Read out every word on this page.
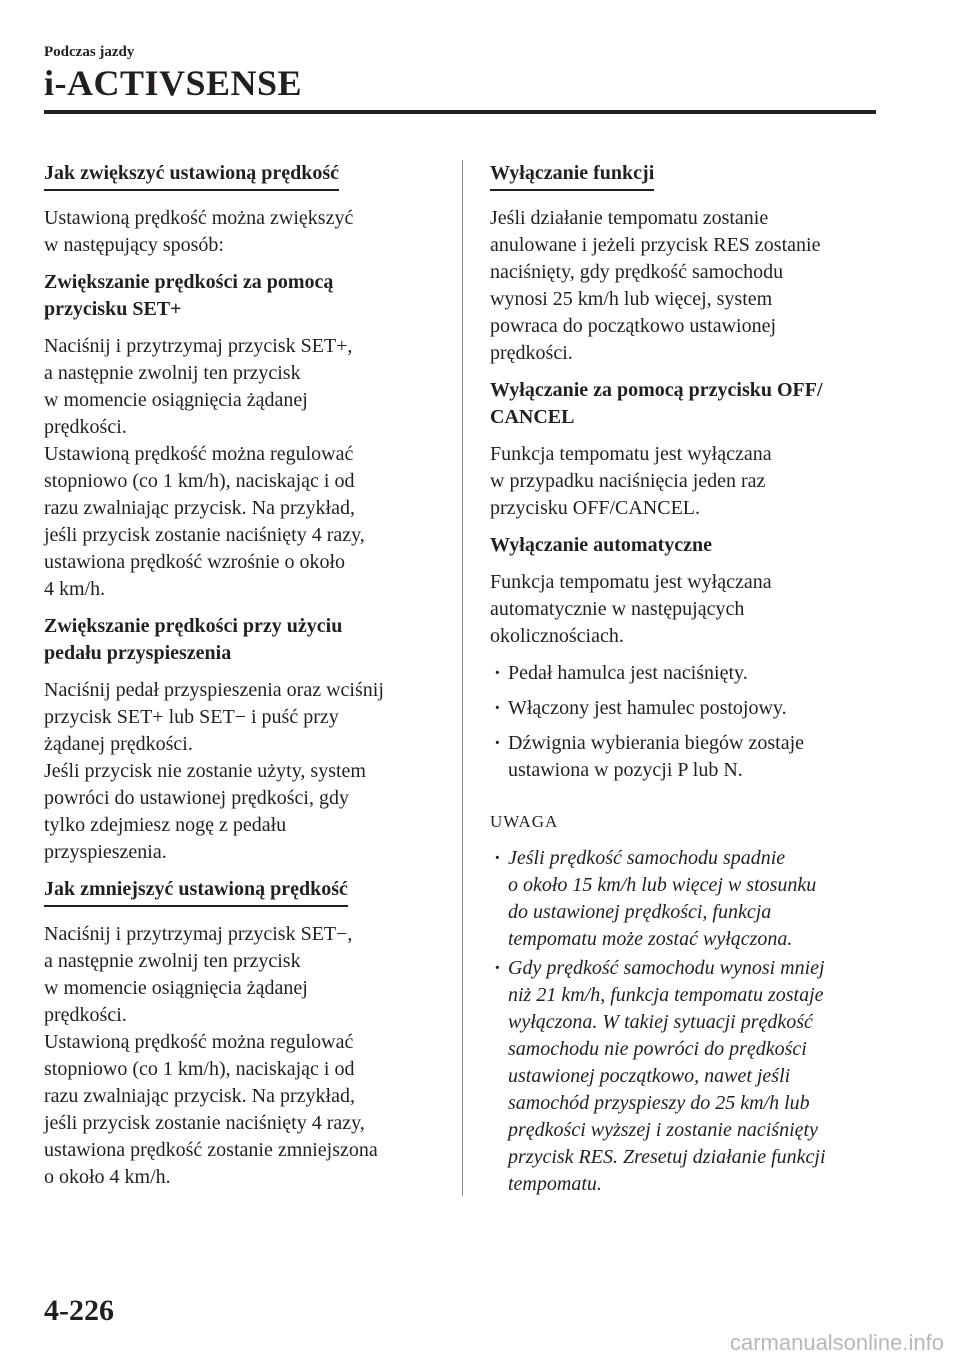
Podczas jazdy
i-ACTIVSENSE
Jak zwiększyć ustawioną prędkość

Ustawioną prędkość można zwiększyć
w następujący sposób:

Zwiększanie prędkości za pomocą
przycisku SET+

Naciśnij i przytrzymaj przycisk SET+,
a następnie zwolnij ten przycisk
w momencie osiągnięcia żądanej
prędkości.
Ustawioną prędkość można regulować
stopniowo (co 1 km/h), naciskając i od
razu zwalniając przycisk. Na przykład,
jeśli przycisk zostanie naciśnięty 4 razy,
ustawiona prędkość wzrośnie o około
4 km/h.

Zwiększanie prędkości przy użyciu
pedału przyspieszenia

Naciśnij pedał przyspieszenia oraz wciśnij
przycisk SET+ lub SET− i puść przy
żądanej prędkości.
Jeśli przycisk nie zostanie użyty, system
powróci do ustawionej prędkości, gdy
tylko zdejmiesz nogę z pedału
przyspieszenia.

Jak zmniejszyć ustawioną prędkość

Naciśnij i przytrzymaj przycisk SET−,
a następnie zwolnij ten przycisk
w momencie osiągnięcia żądanej
prędkości.
Ustawioną prędkość można regulować
stopniowo (co 1 km/h), naciskając i od
razu zwalniając przycisk. Na przykład,
jeśli przycisk zostanie naciśnięty 4 razy,
ustawiona prędkość zostanie zmniejszona
o około 4 km/h.

Wyłączanie funkcji

Jeśli działanie tempomatu zostanie
anulowane i jeżeli przycisk RES zostanie
naciśnięty, gdy prędkość samochodu
wynosi 25 km/h lub więcej, system
powraca do początkowo ustawionej
prędkości.

Wyłączanie za pomocą przycisku OFF/
CANCEL

Funkcja tempomatu jest wyłączana
w przypadku naciśnięcia jeden raz
przycisku OFF/CANCEL.

Wyłączanie automatyczne

Funkcja tempomatu jest wyłączana
automatycznie w następujących
okolicznościach.

· Pedał hamulca jest naciśnięty.
· Włączony jest hamulec postojowy.
· Dźwignia wybierania biegów zostaje
ustawiona w pozycji P lub N.
UWAGA
· Jeśli prędkość samochodu spadnie
o około 15 km/h lub więcej w stosunku
do ustawionej prędkości, funkcja
tempomatu może zostać wyłączona.
· Gdy prędkość samochodu wynosi mniej
niż 21 km/h, funkcja tempomatu zostaje
wyłączona. W takiej sytuacji prędkość
samochodu nie powróci do prędkości
ustawionej początkowo, nawet jeśli
samochód przyspieszy do 25 km/h lub
prędkości wyższej i zostanie naciśnięty
przycisk RES. Zresetuj działanie funkcji
tempomatu.
4-226
carmanualsonline.info
